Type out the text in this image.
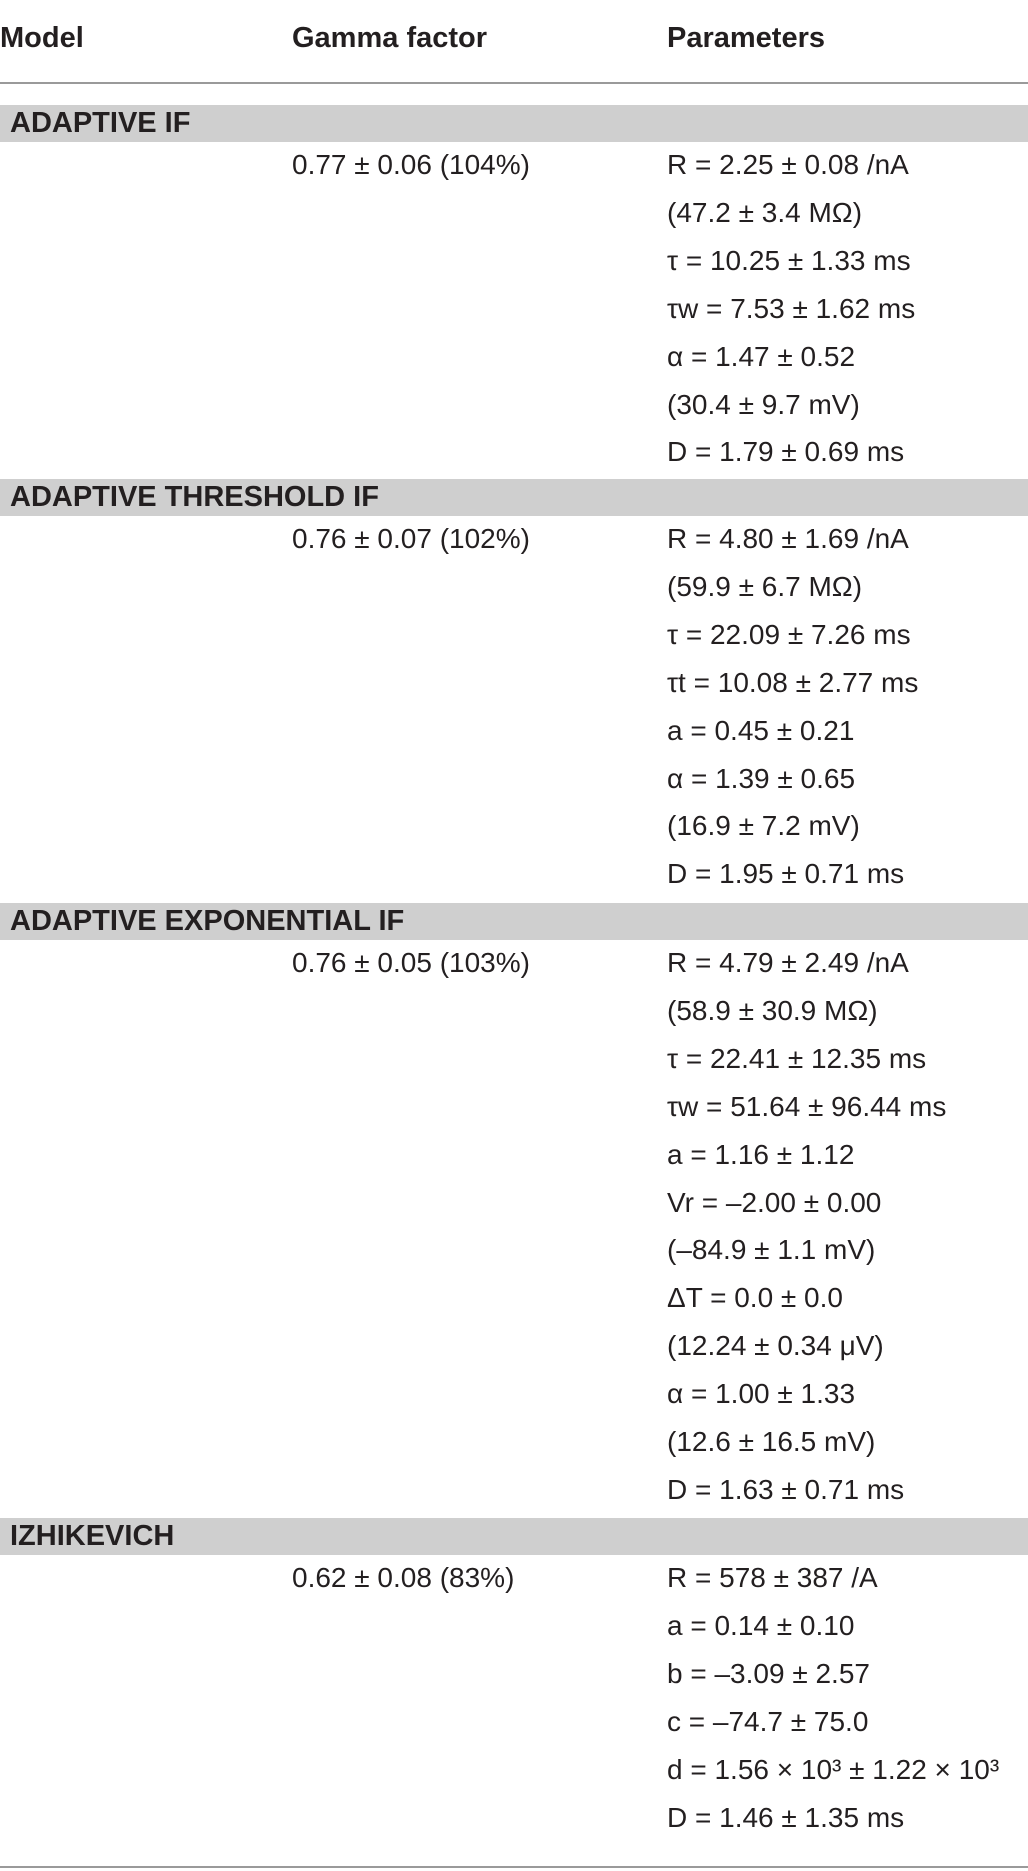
Model	Gamma factor	Parameters
ADAPTIVE IF
0.77 ± 0.06 (104%)	R = 2.25 ± 0.08 /nA
(47.2 ± 3.4 MΩ)
τ = 10.25 ± 1.33 ms
τw = 7.53 ± 1.62 ms
α = 1.47 ± 0.52
(30.4 ± 9.7 mV)
D = 1.79 ± 0.69 ms
ADAPTIVE THRESHOLD IF
0.76 ± 0.07 (102%)	R = 4.80 ± 1.69 /nA
(59.9 ± 6.7 MΩ)
τ = 22.09 ± 7.26 ms
τt = 10.08 ± 2.77 ms
a = 0.45 ± 0.21
α = 1.39 ± 0.65
(16.9 ± 7.2 mV)
D = 1.95 ± 0.71 ms
ADAPTIVE EXPONENTIAL IF
0.76 ± 0.05 (103%)	R = 4.79 ± 2.49 /nA
(58.9 ± 30.9 MΩ)
τ = 22.41 ± 12.35 ms
τw = 51.64 ± 96.44 ms
a = 1.16 ± 1.12
Vr = –2.00 ± 0.00
(–84.9 ± 1.1 mV)
ΔT = 0.0 ± 0.0
(12.24 ± 0.34 μV)
α = 1.00 ± 1.33
(12.6 ± 16.5 mV)
D = 1.63 ± 0.71 ms
IZHIKEVICH
0.62 ± 0.08 (83%)	R = 578 ± 387 /A
a = 0.14 ± 0.10
b = –3.09 ± 2.57
c = –74.7 ± 75.0
d = 1.56 × 10³ ± 1.22 × 10³
D = 1.46 ± 1.35 ms
